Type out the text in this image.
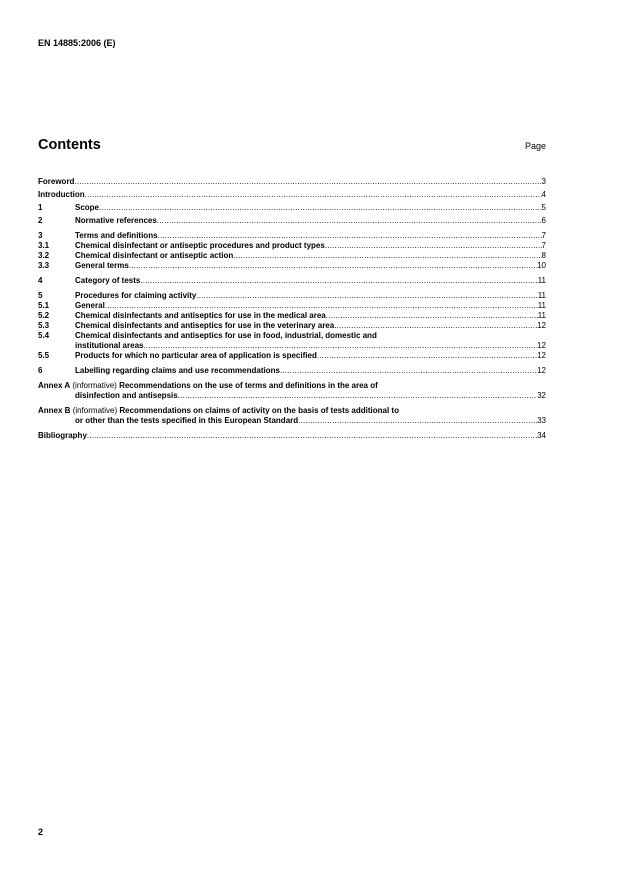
EN 14885:2006 (E)
Contents	Page
Foreword .....	3
Introduction .....	4
1	Scope .....	5
2	Normative references .....	6
3	Terms and definitions .....	7
3.1	Chemical disinfectant or antiseptic procedures and product types .....	7
3.2	Chemical disinfectant or antiseptic action .....	8
3.3	General terms .....	10
4	Category of tests .....	11
5	Procedures for claiming activity .....	11
5.1	General .....	11
5.2	Chemical disinfectants and antiseptics for use in the medical area .....	11
5.3	Chemical disinfectants and antiseptics for use in the veterinary area .....	12
5.4	Chemical disinfectants and antiseptics for use in food, industrial, domestic and
institutional areas .....	12
5.5	Products for which no particular area of application is specified .....	12
6	Labelling regarding claims and use recommendations .....	12
Annex A (informative) Recommendations on the use of terms and definitions in the area of
disinfection and antisepsis .....	32
Annex B (informative) Recommendations on claims of activity on the basis of tests additional to
or other than the tests specified in this European Standard .....	33
Bibliography .....	34
2
